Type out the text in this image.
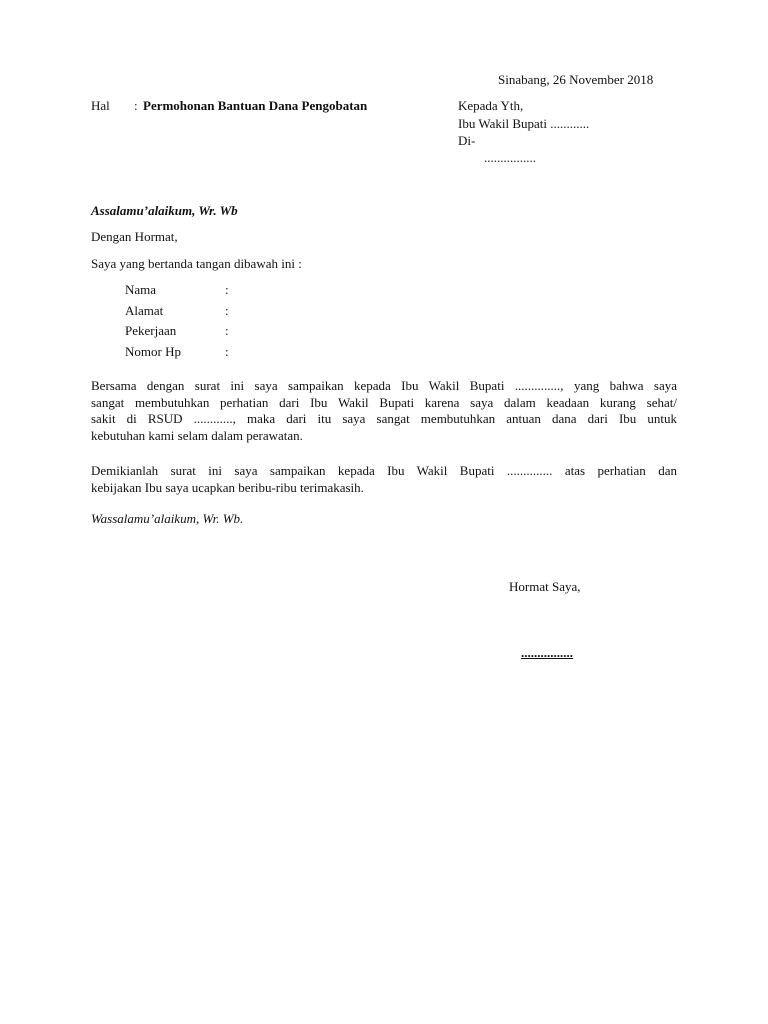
Sinabang, 26 November 2018
Hal : Permohonan Bantuan Dana Pengobatan	Kepada Yth,
Ibu Wakil Bupati ............
Di-
................
Assalamu’alaikum, Wr. Wb
Dengan Hormat,
Saya yang bertanda tangan dibawah ini :
Nama	:
Alamat	:
Pekerjaan	:
Nomor Hp	:
Bersama dengan surat ini saya sampaikan kepada Ibu Wakil Bupati .............., yang bahwa saya
sangat membutuhkan perhatian dari Ibu Wakil Bupati karena saya dalam keadaan kurang sehat/
sakit di RSUD ............, maka dari itu saya sangat membutuhkan antuan dana dari Ibu untuk
kebutuhan kami selam dalam perawatan.
Demikianlah surat ini saya sampaikan kepada Ibu Wakil Bupati .............. atas perhatian dan
kebijakan Ibu saya ucapkan beribu-ribu terimakasih.
Wassalamu’alaikum, Wr. Wb.
Hormat Saya,
................
